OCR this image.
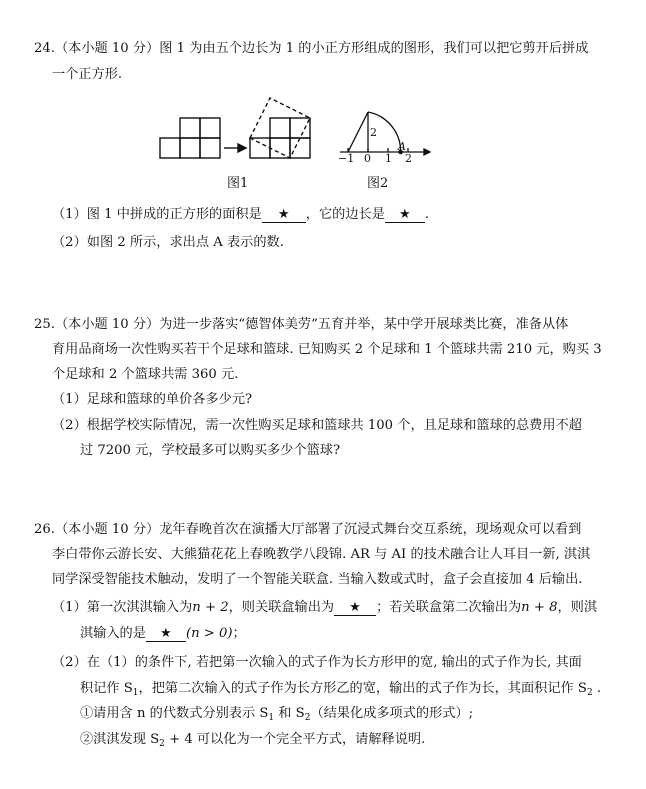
24.（本小题 10 分）图 1 为由五个边长为 1 的小正方形组成的图形，我们可以把它剪开后拼成
一个正方形.
图1
−1 0 1 2
2
A
图2
（1）图 1 中拼成的正方形的面积是 ★ ，它的边长是 ★ .
（2）如图 2 所示，求出点 A 表示的数.
25.（本小题 10 分）为进一步落实“德智体美劳”五育并举，某中学开展球类比赛，准备从体
育用品商场一次性购买若干个足球和篮球. 已知购买 2 个足球和 1 个篮球共需 210 元，购买 3
个足球和 2 个篮球共需 360 元.
（1）足球和篮球的单价各多少元?
（2）根据学校实际情况，需一次性购买足球和篮球共 100 个，且足球和篮球的总费用不超
过 7200 元，学校最多可以购买多少个篮球?
26.（本小题 10 分）龙年春晚首次在演播大厅部署了沉浸式舞台交互系统，现场观众可以看到
李白带你云游长安、大熊猫花花上春晚教学八段锦. AR 与 AI 的技术融合让人耳目一新, 淇淇
同学深受智能技术触动，发明了一个智能关联盒. 当输入数或式时，盒子会直接加 4 后输出.
（1）第一次淇淇输入为n + 2，则关联盒输出为 ★ ；若关联盒第二次输出为n + 8，则淇
淇输入的是 ★ (n > 0)；
（2）在（1）的条件下, 若把第一次输入的式子作为长方形甲的宽, 输出的式子作为长, 其面
积记作 $S_1$，把第二次输入的式子作为长方形乙的宽，输出的式子作为长，其面积记作 $S_2$ .
①请用含 n 的代数式分别表示 $S_1$ 和 $S_2$（结果化成多项式的形式）;
②淇淇发现 $S_2 + 4$ 可以化为一个完全平方式，请解释说明.
